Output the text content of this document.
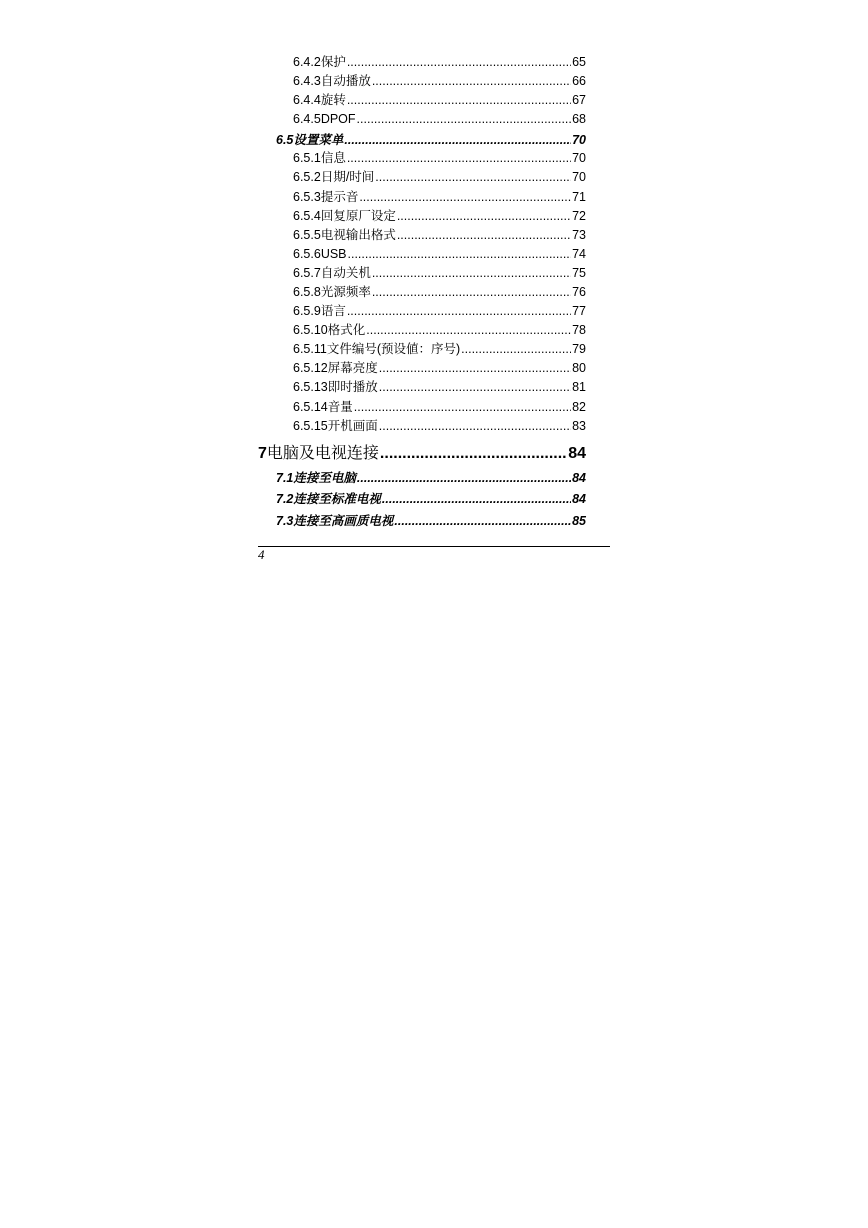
6.4.2 保护 .....	65
6.4.3 自动播放 .....	66
6.4.4 旋转 .....	67
6.4.5 DPOF .....	68
6.5 设置菜单 .....	70
6.5.1 信息 .....	70
6.5.2 日期/时间 .....	70
6.5.3 提示音 .....	71
6.5.4 回复原厂设定 .....	72
6.5.5 电视输出格式 .....	73
6.5.6 USB .....	74
6.5.7 自动关机 .....	75
6.5.8 光源频率 .....	76
6.5.9 语言 .....	77
6.5.10 格式化 .....	78
6.5.11 文件编号(预设値：序号) .....	79
6.5.12 屏幕亮度 .....	80
6.5.13 即时播放 .....	81
6.5.14 音量 .....	82
6.5.15 开机画面 .....	83
7 电脑及电视连接 .....	84
7.1 连接至电脑 .....	84
7.2 连接至标准电视 .....	84
7.3 连接至高画质电视 .....	85
4
